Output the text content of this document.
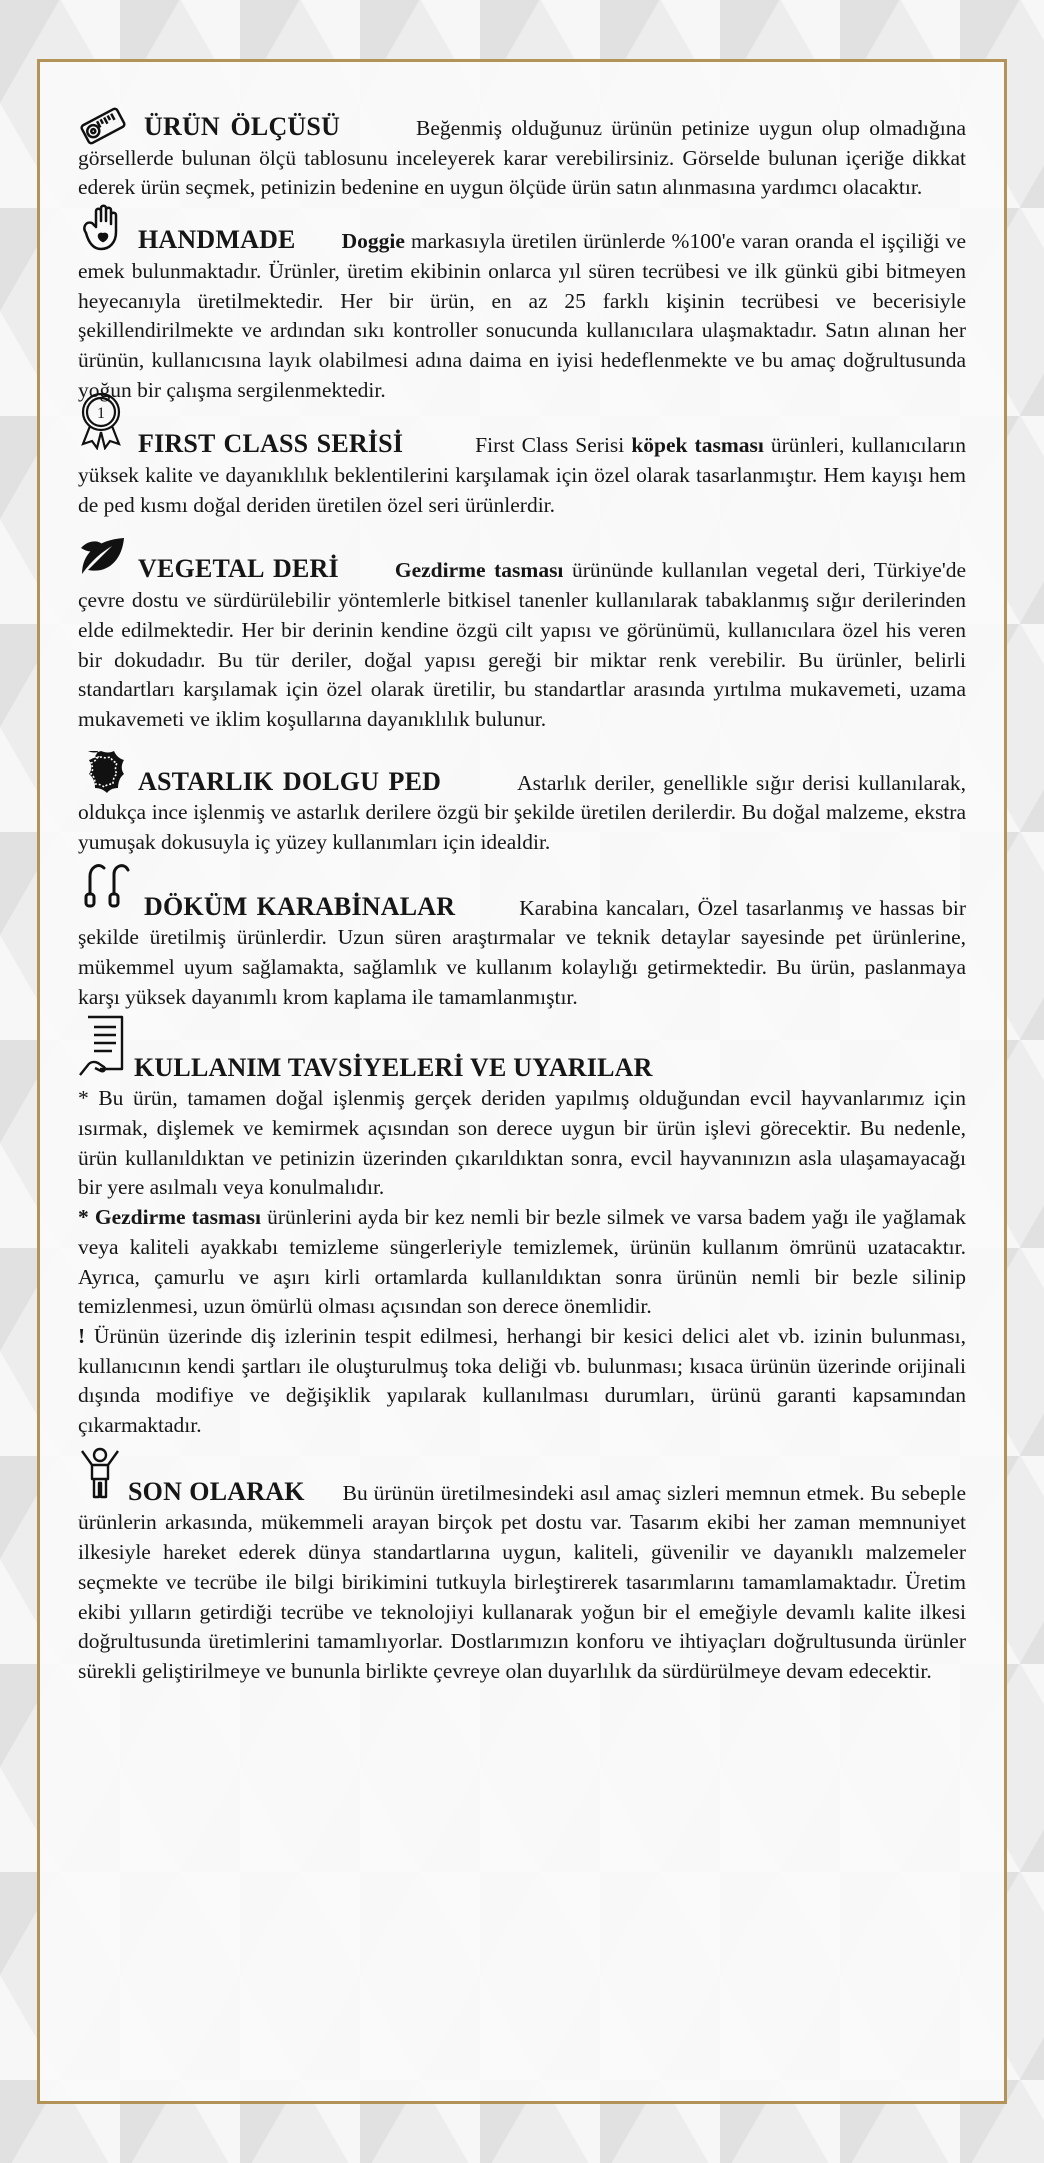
ÜRÜN ÖLÇÜSÜ	Beğenmiş olduğunuz ürünün petinize uygun olup olmadığına görsellerde bulunan ölçü tablosunu inceleyerek karar verebilirsiniz. Görselde bulunan içeriğe dikkat ederek ürün seçmek, petinizin bedenine en uygun ölçüde ürün satın alınmasına yardımcı olacaktır.

HANDMADE Doggie markasıyla üretilen ürünlerde %100'e varan oranda el işçiliği ve emek bulunmaktadır. Ürünler, üretim ekibinin onlarca yıl süren tecrübesi ve ilk günkü gibi bitmeyen heyecanıyla üretilmektedir. Her bir ürün, en az 25 farklı kişinin tecrübesi ve becerisiyle şekillendirilmekte ve ardından sıkı kontroller sonucunda kullanıcılara ulaşmaktadır. Satın alınan her ürünün, kullanıcısına layık olabilmesi adına daima en iyisi hedeflenmekte ve bu amaç doğrultusunda yoğun bir çalışma sergilenmektedir.

1

FIRST CLASS SERİSİ	First Class Serisi köpek tasması ürünleri, kullanıcıların yüksek kalite ve dayanıklılık beklentilerini karşılamak için özel olarak tasarlanmıştır. Hem kayışı hem de ped kısmı doğal deriden üretilen özel seri ürünlerdir.

VEGETAL DERİ	Gezdirme tasması ürününde kullanılan vegetal deri, Türkiye'de çevre dostu ve sürdürülebilir yöntemlerle bitkisel tanenler kullanılarak tabaklanmış sığır derilerinden elde edilmektedir. Her bir derinin kendine özgü cilt yapısı ve görünümü, kullanıcılara özel his veren bir dokudadır. Bu tür deriler, doğal yapısı gereği bir miktar renk verebilir. Bu ürünler, belirli standartları karşılamak için özel olarak üretilir, bu standartlar arasında yırtılma mukavemeti, uzama mukavemeti ve iklim koşullarına dayanıklılık bulunur.

ASTARLIK DOLGU PED	Astarlık deriler, genellikle sığır derisi kullanılarak, oldukça ince işlenmiş ve astarlık derilere özgü bir şekilde üretilen derilerdir. Bu doğal malzeme, ekstra yumuşak dokusuyla iç yüzey kullanımları için idealdir.

DÖKÜM KARABİNALAR	Karabina kancaları, Özel tasarlanmış ve hassas bir şekilde üretilmiş ürünlerdir. Uzun süren araştırmalar ve teknik detaylar sayesinde pet ürünlerine, mükemmel uyum sağlamakta, sağlamlık ve kullanım kolaylığı getirmektedir. Bu ürün, paslanmaya karşı yüksek dayanımlı krom kaplama ile tamamlanmıştır.

KULLANIM TAVSİYELERİ VE UYARILAR

* Bu ürün, tamamen doğal işlenmiş gerçek deriden yapılmış olduğundan evcil hayvanlarımız için ısırmak, dişlemek ve kemirmek açısından son derece uygun bir ürün işlevi görecektir. Bu nedenle, ürün kullanıldıktan ve petinizin üzerinden çıkarıldıktan sonra, evcil hayvanınızın asla ulaşamayacağı bir yere asılmalı veya konulmalıdır.

* Gezdirme tasması ürünlerini ayda bir kez nemli bir bezle silmek ve varsa badem yağı ile yağlamak veya kaliteli ayakkabı temizleme süngerleriyle temizlemek, ürünün kullanım ömrünü uzatacaktır. Ayrıca, çamurlu ve aşırı kirli ortamlarda kullanıldıktan sonra ürünün nemli bir bezle silinip temizlenmesi, uzun ömürlü olması açısından son derece önemlidir.

! Ürünün üzerinde diş izlerinin tespit edilmesi, herhangi bir kesici delici alet vb. izinin bulunması, kullanıcının kendi şartları ile oluşturulmuş toka deliği vb. bulunması; kısaca ürünün üzerinde orijinali dışında modifiye ve değişiklik yapılarak kullanılması durumları, ürünü garanti kapsamından çıkarmaktadır.

SON OLARAK Bu ürünün üretilmesindeki asıl amaç sizleri memnun etmek. Bu sebeple ürünlerin arkasında, mükemmeli arayan birçok pet dostu var. Tasarım ekibi her zaman memnuniyet ilkesiyle hareket ederek dünya standartlarına uygun, kaliteli, güvenilir ve dayanıklı malzemeler seçmekte ve tecrübe ile bilgi birikimini tutkuyla birleştirerek tasarımlarını tamamlamaktadır. Üretim ekibi yılların getirdiği tecrübe ve teknolojiyi kullanarak yoğun bir el emeğiyle devamlı kalite ilkesi doğrultusunda üretimlerini tamamlıyorlar. Dostlarımızın konforu ve ihtiyaçları doğrultusunda ürünler sürekli geliştirilmeye ve bununla birlikte çevreye olan duyarlılık da sürdürülmeye devam edecektir.
